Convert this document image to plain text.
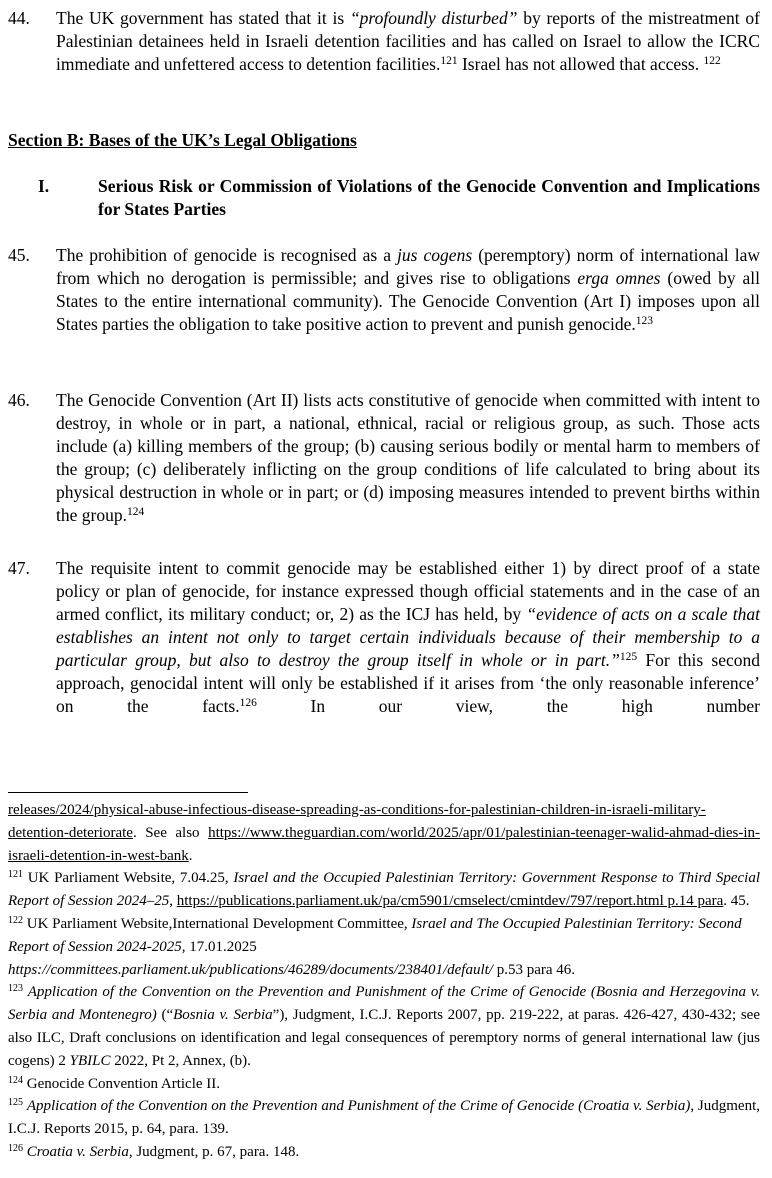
44.	The UK government has stated that it is “profoundly disturbed” by reports of the mistreatment of Palestinian detainees held in Israeli detention facilities and has called on Israel to allow the ICRC immediate and unfettered access to detention facilities.$^{121}$ Israel has not allowed that access. $^{122}$
Section B: Bases of the UK’s Legal Obligations
I.	Serious Risk or Commission of Violations of the Genocide Convention and Implications for States Parties
45.	The prohibition of genocide is recognised as a jus cogens (peremptory) norm of international law from which no derogation is permissible; and gives rise to obligations erga omnes (owed by all States to the entire international community). The Genocide Convention (Art I) imposes upon all States parties the obligation to take positive action to prevent and punish genocide.$^{123}$
46.	The Genocide Convention (Art II) lists acts constitutive of genocide when committed with intent to destroy, in whole or in part, a national, ethnical, racial or religious group, as such. Those acts include (a) killing members of the group; (b) causing serious bodily or mental harm to members of the group; (c) deliberately inflicting on the group conditions of life calculated to bring about its physical destruction in whole or in part; or (d) imposing measures intended to prevent births within the group.$^{124}$
47.	The requisite intent to commit genocide may be established either 1) by direct proof of a state policy or plan of genocide, for instance expressed though official statements and in the case of an armed conflict, its military conduct; or, 2) as the ICJ has held, by “evidence of acts on a scale that establishes an intent not only to target certain individuals because of their membership to a particular group, but also to destroy the group itself in whole or in part.”$^{125}$ For this second approach, genocidal intent will only be established if it arises from ‘the only reasonable inference’ on the facts.$^{126}$ In our view, the high number
releases/2024/physical-abuse-infectious-disease-spreading-as-conditions-for-palestinian-children-in-israeli-military-detention-deteriorate. See also https://www.theguardian.com/world/2025/apr/01/palestinian-teenager-walid-ahmad-dies-in-israeli-detention-in-west-bank.
$^{121}$ UK Parliament Website, 7.04.25, Israel and the Occupied Palestinian Territory: Government Response to Third Special Report of Session 2024–25, https://publications.parliament.uk/pa/cm5901/cmselect/cmintdev/797/report.html p.14 para. 45.
$^{122}$ UK Parliament Website,International Development Committee, Israel and The Occupied Palestinian Territory: Second Report of Session 2024-2025, 17.01.2025
https://committees.parliament.uk/publications/46289/documents/238401/default/ p.53 para 46.
$^{123}$ Application of the Convention on the Prevention and Punishment of the Crime of Genocide (Bosnia and Herzegovina v. Serbia and Montenegro) (“Bosnia v. Serbia”), Judgment, I.C.J. Reports 2007, pp. 219-222, at paras. 426-427, 430-432; see also ILC, Draft conclusions on identification and legal consequences of peremptory norms of general international law (jus cogens) 2 YBILC 2022, Pt 2, Annex, (b).
$^{124}$ Genocide Convention Article II.
$^{125}$ Application of the Convention on the Prevention and Punishment of the Crime of Genocide (Croatia v. Serbia), Judgment, I.C.J. Reports 2015, p. 64, para. 139.
$^{126}$ Croatia v. Serbia, Judgment, p. 67, para. 148.
